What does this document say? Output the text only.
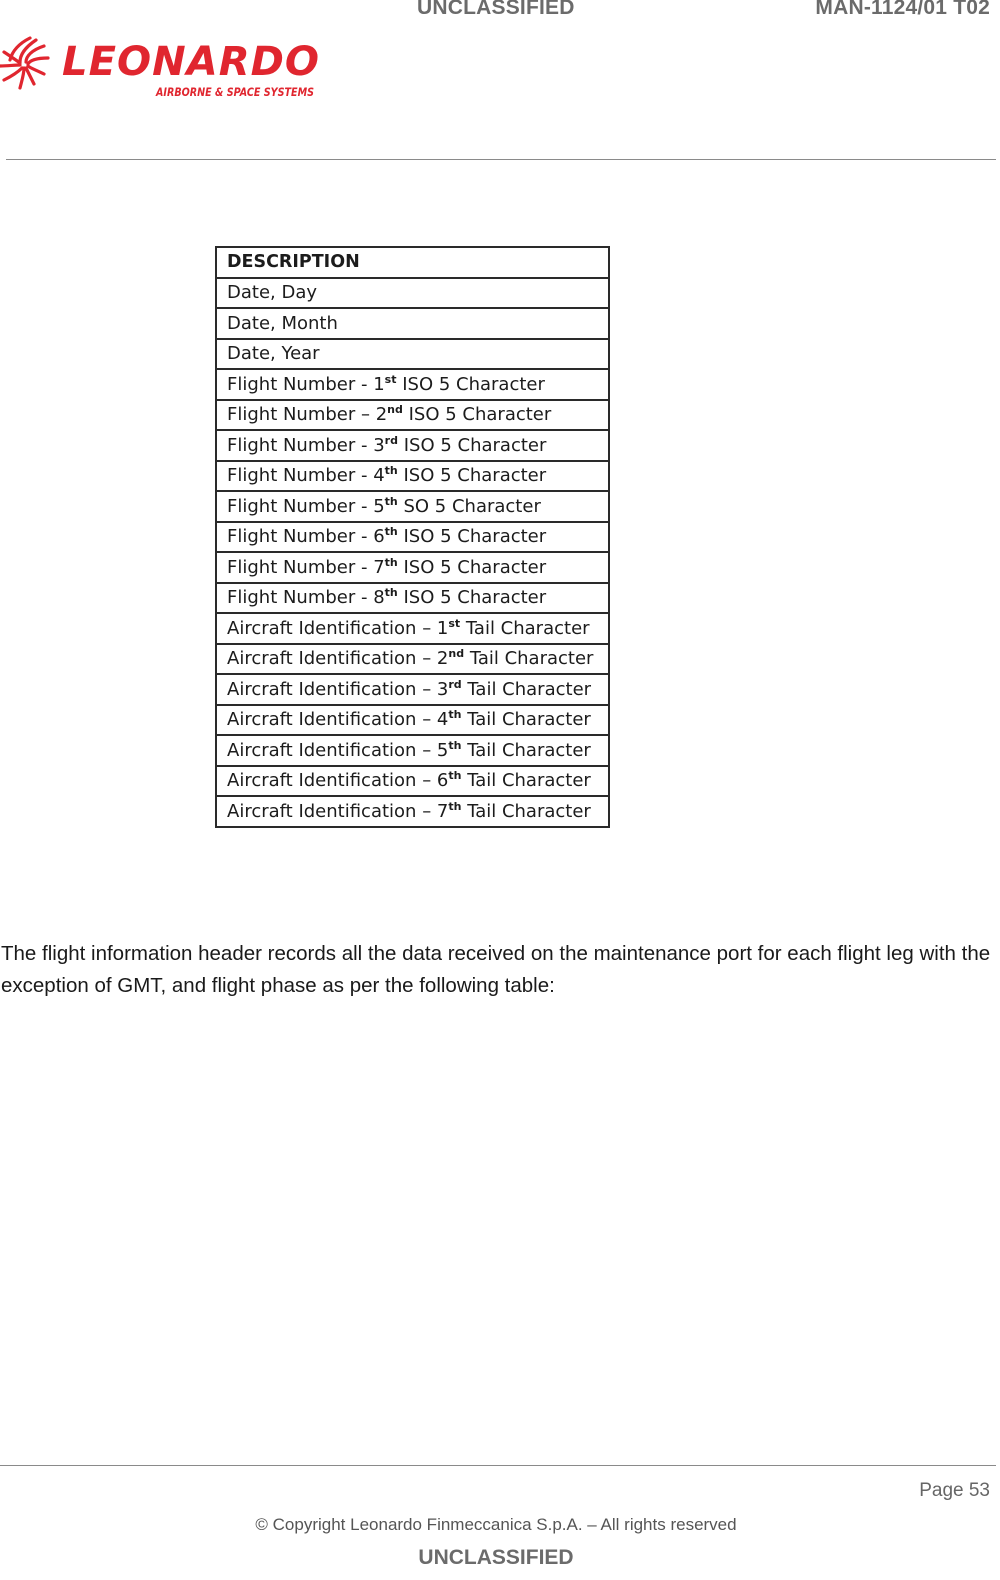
UNCLASSIFIED	MAN-1124/01 T02
LEONARDO
AIRBORNE & SPACE SYSTEMS
DESCRIPTION
Date, Day
Date, Month
Date, Year
Flight Number - 1st ISO 5 Character
Flight Number – 2nd ISO 5 Character
Flight Number - 3rd ISO 5 Character
Flight Number - 4th ISO 5 Character
Flight Number - 5th SO 5 Character
Flight Number - 6th ISO 5 Character
Flight Number - 7th ISO 5 Character
Flight Number - 8th ISO 5 Character
Aircraft Identification – 1st Tail Character
Aircraft Identification – 2nd Tail Character
Aircraft Identification – 3rd Tail Character
Aircraft Identification – 4th Tail Character
Aircraft Identification – 5th Tail Character
Aircraft Identification – 6th Tail Character
Aircraft Identification – 7th Tail Character
The flight information header records all the data received on the maintenance port for each flight leg with the exception of GMT, and flight phase as per the following table:
Page 53
© Copyright Leonardo Finmeccanica S.p.A. – All rights reserved
UNCLASSIFIED
